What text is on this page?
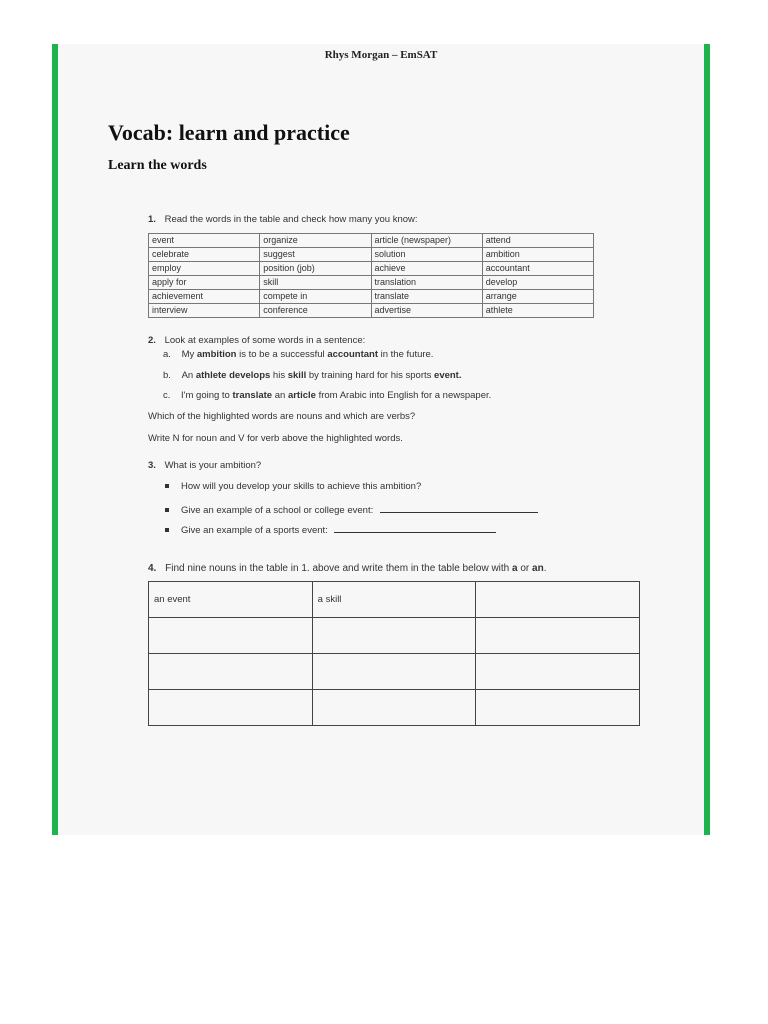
Rhys Morgan – EmSAT
Vocab: learn and practice
Learn the words
1. Read the words in the table and check how many you know:
event	organize	article (newspaper)	attend
celebrate	suggest	solution	ambition
employ	position (job)	achieve	accountant
apply for	skill	translation	develop
achievement	compete in	translate	arrange
interview	conference	advertise	athlete
2. Look at examples of some words in a sentence:
a. My ambition is to be a successful accountant in the future.
b. An athlete develops his skill by training hard for his sports event.
c. I'm going to translate an article from Arabic into English for a newspaper.
Which of the highlighted words are nouns and which are verbs?
Write N for noun and V for verb above the highlighted words.
3. What is your ambition?
How will you develop your skills to achieve this ambition?
Give an example of a school or college event:
Give an example of a sports event:
4. Find nine nouns in the table in 1. above and write them in the table below with a or an.
an event	a skill	
